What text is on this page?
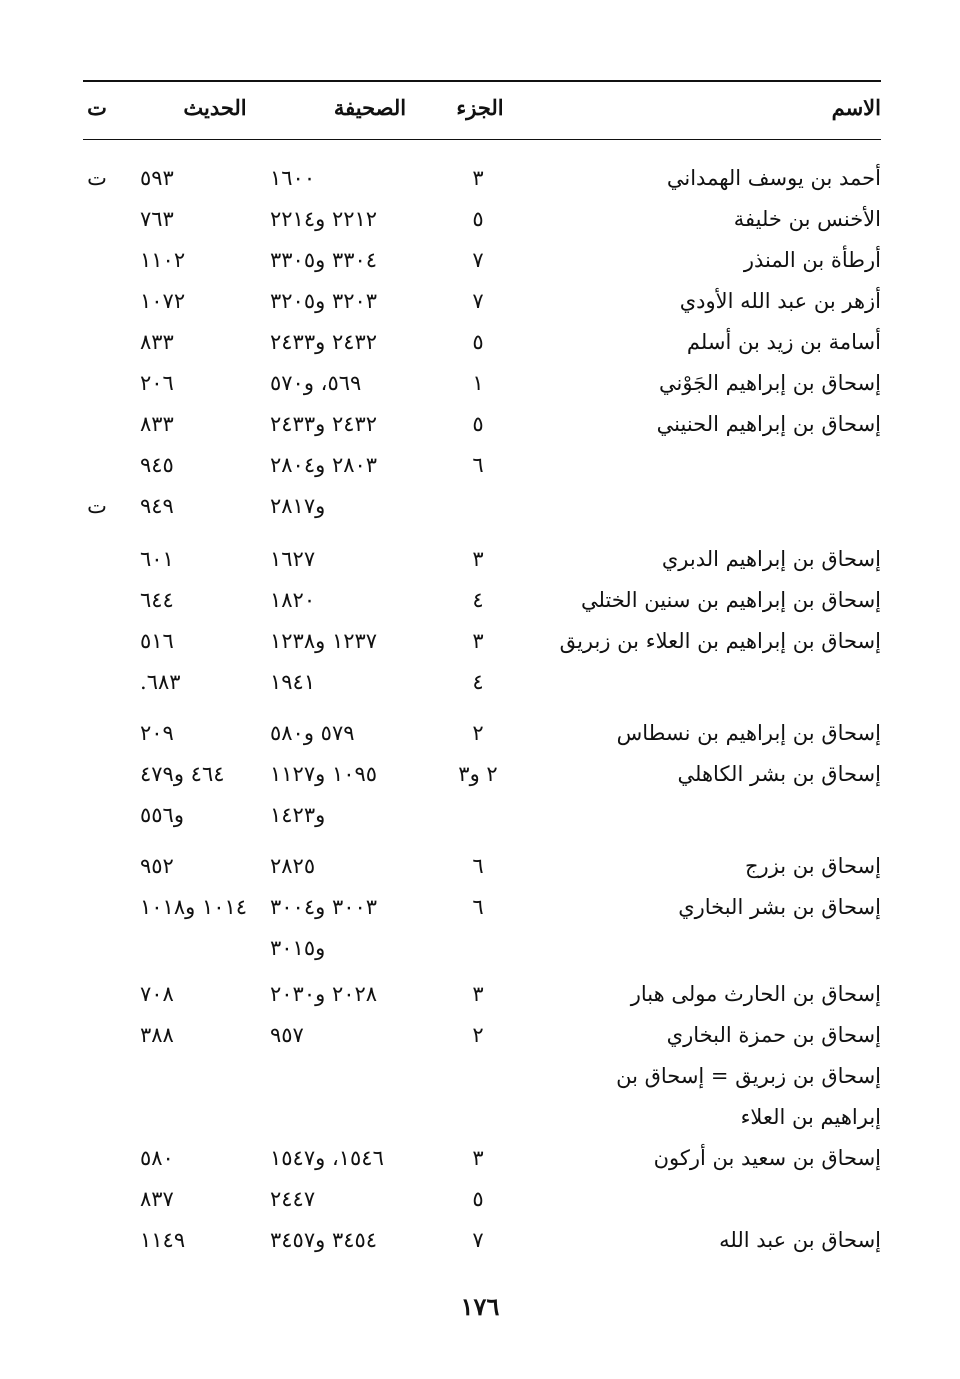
الاسم
الجزء
الصحيفة
الحديث
ت
أحمد بن يوسف الهمداني
٣
١٦٠٠
٥٩٣
ت
الأخنس بن خليفة
٥
٢٢١٢ و٢٢١٤
٧٦٣
أرطأة بن المنذر
٧
٣٣٠٤ و٣٣٠٥
١١٠٢
أزهر بن عبد الله الأودي
٧
٣٢٠٣ و٣٢٠٥
١٠٧٢
أسامة بن زيد بن أسلم
٥
٢٤٣٢ و٢٤٣٣
٨٣٣
إسحاق بن إبراهيم الجَوْني
١
٥٦٩، و٥٧٠
٢٠٦
إسحاق بن إبراهيم الحنيني
٥
٢٤٣٢ و٢٤٣٣
٨٣٣
٦
٢٨٠٣ و٢٨٠٤
٩٤٥
و٢٨١٧
٩٤٩
ت
إسحاق بن إبراهيم الدبري
٣
١٦٢٧
٦٠١
إسحاق بن إبراهيم بن سنين الختلي
٤
١٨٢٠
٦٤٤
إسحاق بن إبراهيم بن العلاء بن زبريق
٣
١٢٣٧ و١٢٣٨
٥١٦
٤
١٩٤١
٦٨٣.
إسحاق بن إبراهيم بن نسطاس
٢
٥٧٩ و٥٨٠
٢٠٩
إسحاق بن بشر الكاهلي
٢ و٣
١٠٩٥ و١١٢٧
٤٦٤ و٤٧٩
و١٤٢٣
و٥٥٦
إسحاق بن بزرج
٦
٢٨٢٥
٩٥٢
إسحاق بن بشر البخاري
٦
٣٠٠٣ و٣٠٠٤
١٠١٤ و١٠١٨
و٣٠١٥
إسحاق بن الحارث مولى هبار
٣
٢٠٢٨ و٢٠٣٠
٧٠٨
إسحاق بن حمزة البخاري
٢
٩٥٧
٣٨٨
إسحاق بن زبريق = إسحاق بن
إبراهيم بن العلاء
إسحاق بن سعيد بن أركون
٣
١٥٤٦، و١٥٤٧
٥٨٠
٥
٢٤٤٧
٨٣٧
إسحاق بن عبد الله
٧
٣٤٥٤ و٣٤٥٧
١١٤٩
١٧٦
